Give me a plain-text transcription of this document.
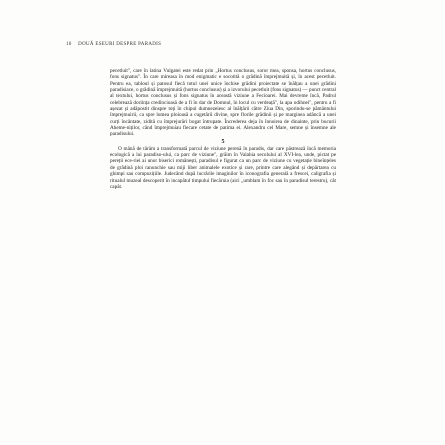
16 DOUĂ ESEURI DESPRE PARADIS

pecetluit", care în latina Vulgatei este redat prin „Hortus conclusus, soror mea, sponsa, hortus conclusus, fons signatus". În care mireasa în mod enigmatic e socotită o grădină împrejmuită și, în acest pecetluit. Pentru ea, tabloul și patosul fiecă totul unei unice închise grădini proiectate se înălțau a unei grădini paradisiace, o grădină împrejmuită (hortus conclusus) și a izvorului pecetluit (fons signatus) — punct central al textului, hortus conclusus și fons signatus în această viziune a Fecioarei. Mai devreme încă, Padrul celebrează doriința credincioasă de a fi în dar de Domnul, în locul cu verdeață", la apa odihnei", pentru a fi așezat și adăpostit dinspre toți în chipul dumnezeiesc al înălțării către Ziua Din, sporindu-se pământului împrejmuirii, ca spre lumea ploioasă a cugetării divine, spre florile grădinii și pe marginea adâncă a unei curți încântate, zidită cu împrejurări bogat întrupate. Încrederea deja în înnoirea de dinainte, prin bucurii Aheme-niților, când împrejmuiau fiecare cetate de patima ei. Alexandru cel Mare, semne și însemne ale paradisului.

5

O mână de tărâm a transformată parcul de viziune perenă în paradis, dar care păstrează încă memoria ecologică a lui paradiso-ului, ca parc de viziune", grăim în Valahia secolului al XVI-lea, unde, pictat pe pereții ece-riei ai unor biserici românești, paradisul e figurat ca un parc de viziune cu vegetație bineînțeles de grădină ploi ranunchie sau miji liber animalele exotice și rare, printre care alegând și depărtarea cu ghimpi sau compozițiile. Judecând după lucrările imaginilor în iconografia generală a frescei, caligrafia și ritualul muzeal descoperit în incapătul timpului fiecăruia (aici „umblam în foc sau în paradisul terestru), cât capăt.
